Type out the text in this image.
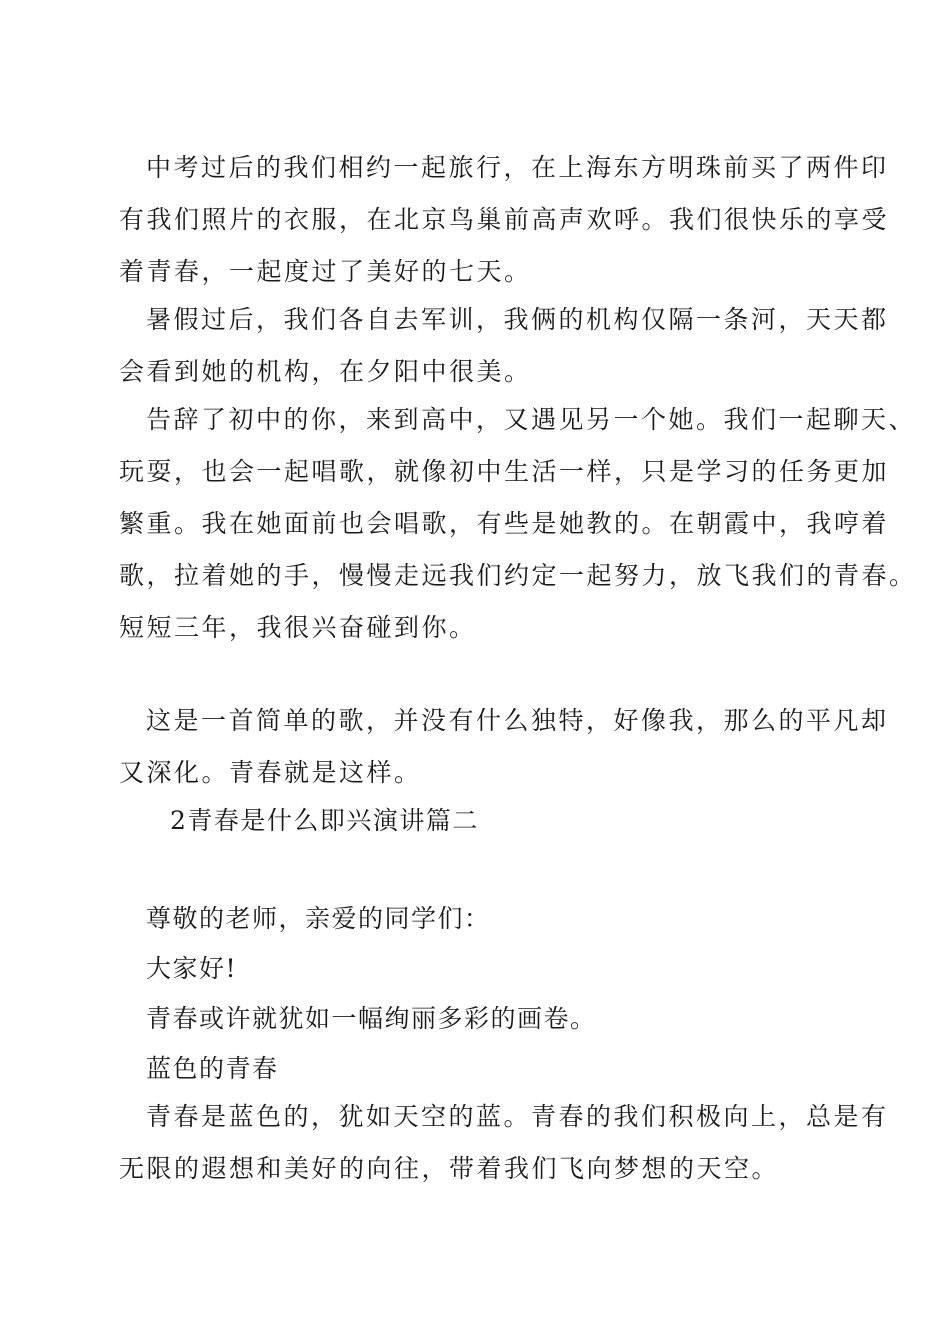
中考过后的我们相约一起旅行，在上海东方明珠前买了两件印
有我们照片的衣服，在北京鸟巢前高声欢呼。我们很快乐的享受
着青春，一起度过了美好的七天。
暑假过后，我们各自去军训，我俩的机构仅隔一条河，天天都
会看到她的机构，在夕阳中很美。
告辞了初中的你，来到高中，又遇见另一个她。我们一起聊天、
玩耍，也会一起唱歌，就像初中生活一样，只是学习的任务更加
繁重。我在她面前也会唱歌，有些是她教的。在朝霞中，我哼着
歌，拉着她的手，慢慢走远我们约定一起努力，放飞我们的青春。
短短三年，我很兴奋碰到你。
这是一首简单的歌，并没有什么独特，好像我，那么的平凡却
又深化。青春就是这样。
2青春是什么即兴演讲篇二
尊敬的老师，亲爱的同学们：
大家好!
青春或许就犹如一幅绚丽多彩的画卷。
蓝色的青春
青春是蓝色的，犹如天空的蓝。青春的我们积极向上，总是有
无限的遐想和美好的向往，带着我们飞向梦想的天空。
